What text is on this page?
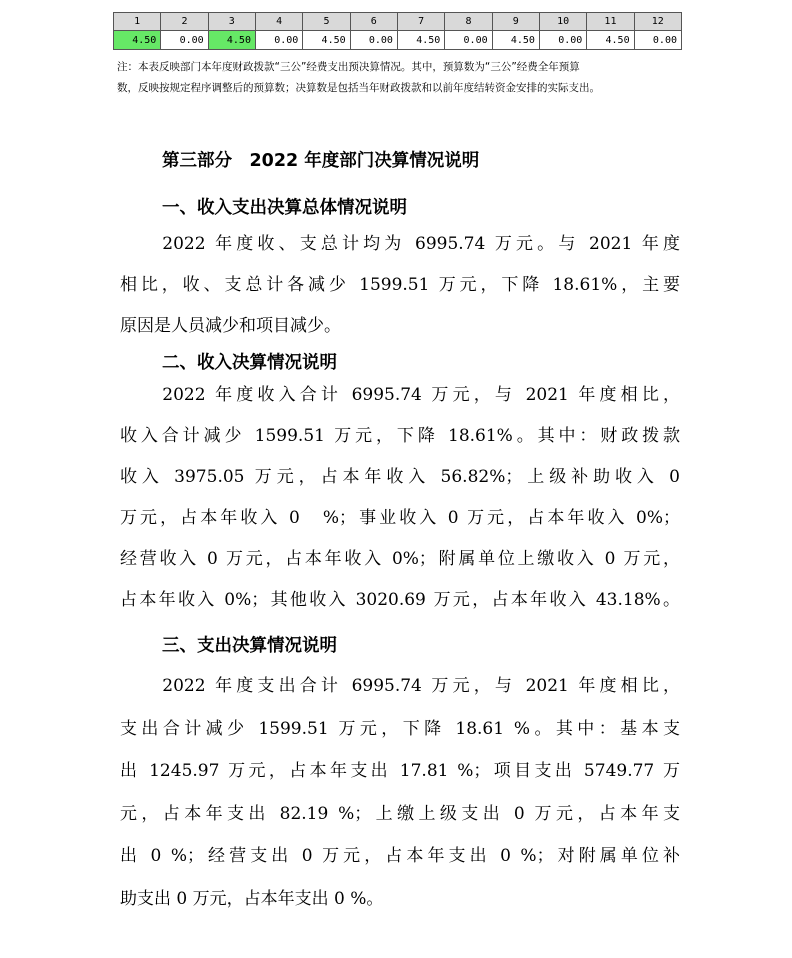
1	2	3	4	5	6	7	8	9	10	11	12
4.50	0.00	4.50	0.00	4.50	0.00	4.50	0.00	4.50	0.00	4.50	0.00
注：本表反映部门本年度财政拨款“三公”经费支出预决算情况。其中，预算数为“三公”经费全年预算
数，反映按规定程序调整后的预算数；决算数是包括当年财政拨款和以前年度结转资金安排的实际支出。
第三部分　2022 年度部门决算情况说明
一、收入支出决算总体情况说明
　　2022 年度收、支总计均为 6995.74 万元。与 2021 年度
相比，收、支总计各减少 1599.51 万元，下降 18.61%，主要
原因是人员减少和项目减少。
二、收入决算情况说明
　　2022 年度收入合计 6995.74 万元，与 2021 年度相比，
收入合计减少 1599.51 万元，下降 18.61%。其中：财政拨款
收入 3975.05 万元，占本年收入 56.82%；上级补助收入 0
万元，占本年收入 0　%；事业收入 0 万元，占本年收入 0%；
经营收入 0 万元，占本年收入 0%；附属单位上缴收入 0 万元，
占本年收入 0%；其他收入 3020.69 万元，占本年收入 43.18%。
三、支出决算情况说明
　　2022 年度支出合计 6995.74 万元，与 2021 年度相比，
支出合计减少 1599.51 万元，下降 18.61 %。其中：基本支
出 1245.97 万元，占本年支出 17.81 %；项目支出 5749.77 万
元，占本年支出 82.19 %；上缴上级支出 0 万元，占本年支
出 0 %；经营支出 0 万元，占本年支出 0 %；对附属单位补
助支出 0 万元，占本年支出 0 %。
